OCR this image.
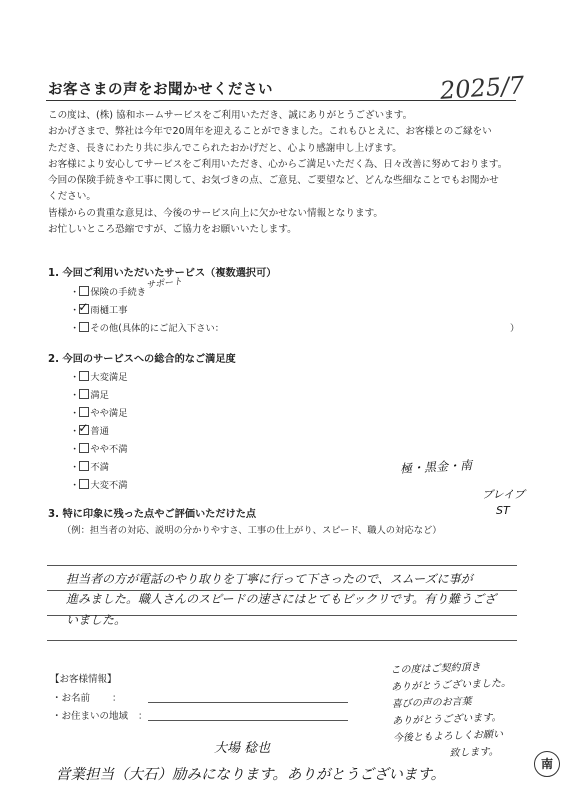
お客さまの声をお聞かせください	2025/7

この度は、(株) 協和ホームサービスをご利用いただき、誠にありがとうございます。

おかげさまで、弊社は今年で20周年を迎えることができました。これもひとえに、お客様とのご縁をい

ただき、長きにわたり共に歩んでこられたおかげだと、心より感謝申し上げます。

お客様により安心してサービスをご利用いただき、心からご満足いただく為、日々改善に努めております。

今回の保険手続きや工事に関して、お気づきの点、ご意見、ご要望など、どんな些細なことでもお聞かせ

ください。

皆様からの貴重な意見は、今後のサービス向上に欠かせない情報となります。

お忙しいところ恐縮ですが、ご協力をお願いいたします。

1. 今回ご利用いただいたサービス（複数選択可）
・ 保険の手続き
サポート
・ ✓ 雨樋工事
・ その他(具体的にご記入下さい：	）
2. 今回のサービスへの総合的なご満足度
・ 大変満足
・ 満足
・ やや満足
・ ✓ 普通
・ やや不満
・ 不満
・ 大変不満
極・黒金・南
ブレイブ
ST
3. 特に印象に残った点やご評価いただけた点
（例：担当者の対応、説明の分かりやすさ、工事の仕上がり、スピード、職人の対応など）
担当者の方が電話のやり取りを丁寧に行って下さったので、スムーズに事が
進みました。職人さんのスピードの速さにはとてもビックリです。有り難うござ
いました。
【お客様情報】
・お名前 ：
・お住まいの地域 ：
この度はご契約頂き
ありがとうございました。
喜びの声のお言葉
ありがとうございます。
今後ともよろしくお願い
致します。
南
大場 稔也
営業担当（大石）励みになります。ありがとうございます。
